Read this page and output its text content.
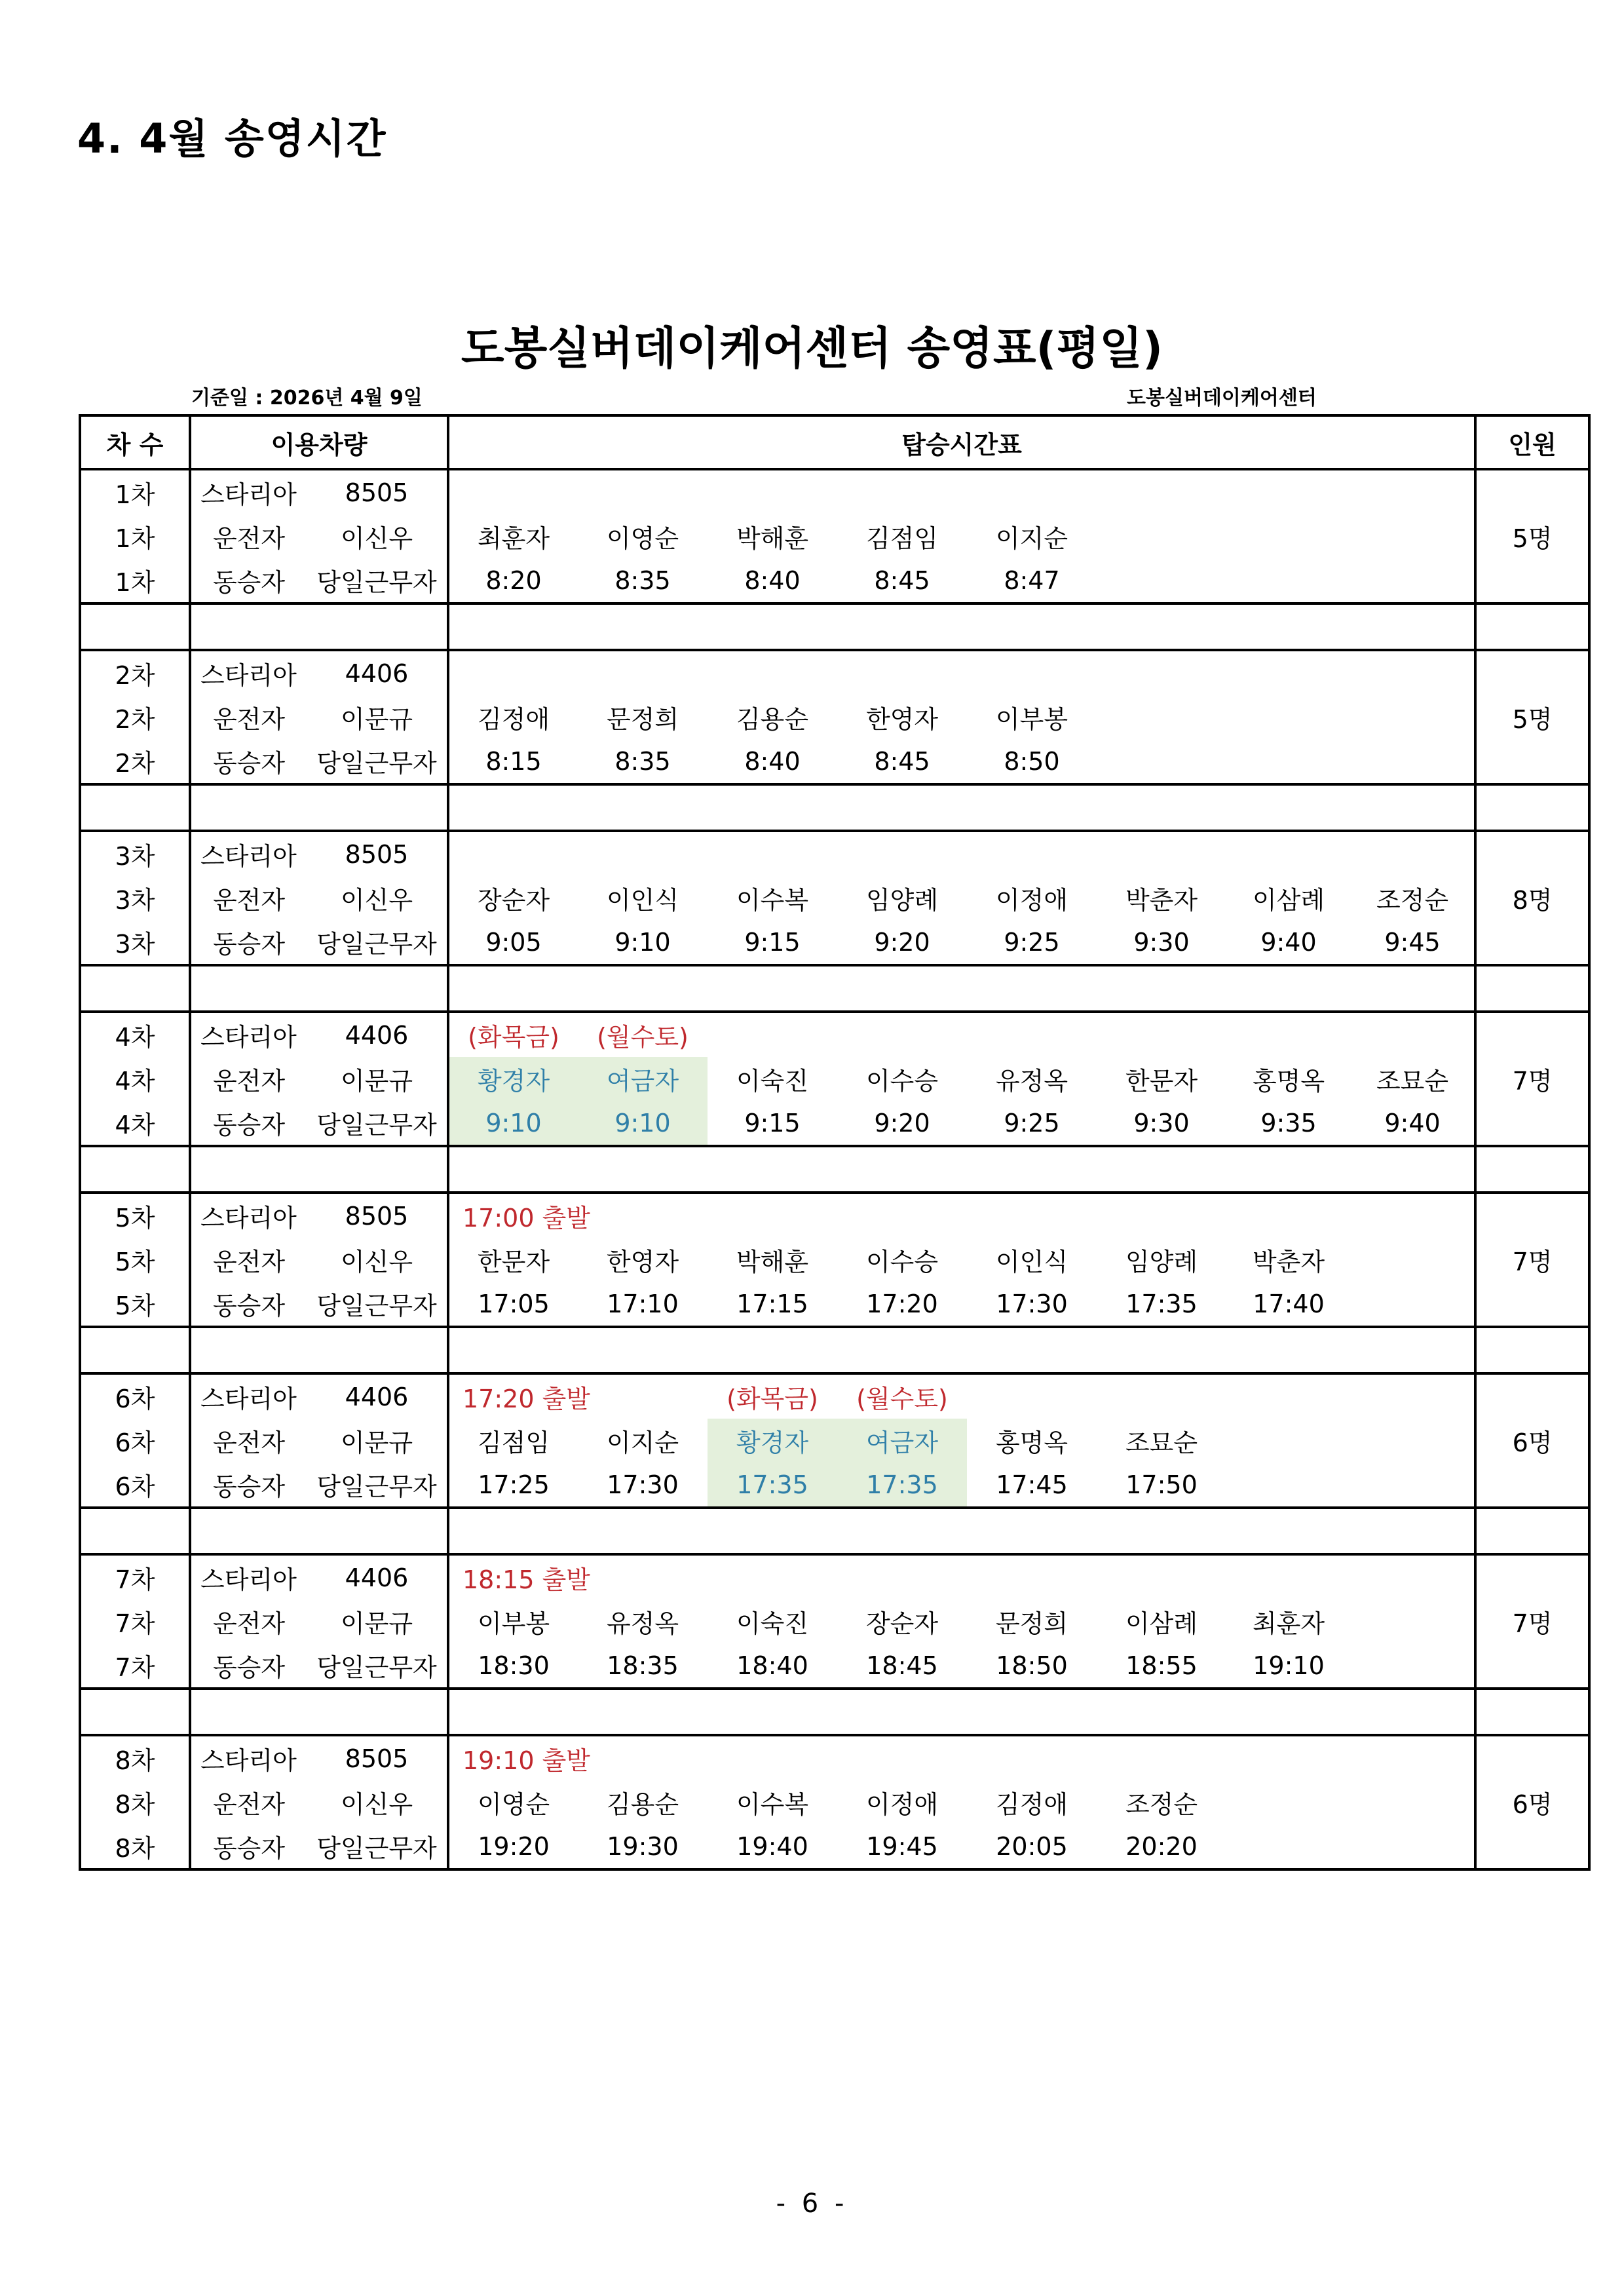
4. 4월 송영시간
도봉실버데이케어센터 송영표(평일)
기준일 : 2026년 4월 9일	도봉실버데이케어센터
차 수	이용차량		탑승시간표								인원
1차	스타리아	8505									
1차	운전자	이신우	최훈자	이영순	박해훈	김점임	이지순				5명
1차	동승자	당일근무자	8:20	8:35	8:40	8:45	8:47				

2차	스타리아	4406									
2차	운전자	이문규	김정애	문정희	김용순	한영자	이부봉				5명
2차	동승자	당일근무자	8:15	8:35	8:40	8:45	8:50				

3차	스타리아	8505									
3차	운전자	이신우	장순자	이인식	이수복	임양례	이정애	박춘자	이삼례	조정순	8명
3차	동승자	당일근무자	9:05	9:10	9:15	9:20	9:25	9:30	9:40	9:45	

4차	스타리아	4406	(화목금)	(월수토)							
4차	운전자	이문규	황경자	여금자	이숙진	이수승	유정옥	한문자	홍명옥	조묘순	7명
4차	동승자	당일근무자	9:10	9:10	9:15	9:20	9:25	9:30	9:35	9:40	

5차	스타리아	8505	17:00 출발								
5차	운전자	이신우	한문자	한영자	박해훈	이수승	이인식	임양례	박춘자		7명
5차	동승자	당일근무자	17:05	17:10	17:15	17:20	17:30	17:35	17:40		

6차	스타리아	4406	17:20 출발		(화목금)	(월수토)					
6차	운전자	이문규	김점임	이지순	황경자	여금자	홍명옥	조묘순			6명
6차	동승자	당일근무자	17:25	17:30	17:35	17:35	17:45	17:50			

7차	스타리아	4406	18:15 출발								
7차	운전자	이문규	이부봉	유정옥	이숙진	장순자	문정희	이삼례	최훈자		7명
7차	동승자	당일근무자	18:30	18:35	18:40	18:45	18:50	18:55	19:10		

8차	스타리아	8505	19:10 출발								
8차	운전자	이신우	이영순	김용순	이수복	이정애	김정애	조정순			6명
8차	동승자	당일근무자	19:20	19:30	19:40	19:45	20:05	20:20			
- 6 -
